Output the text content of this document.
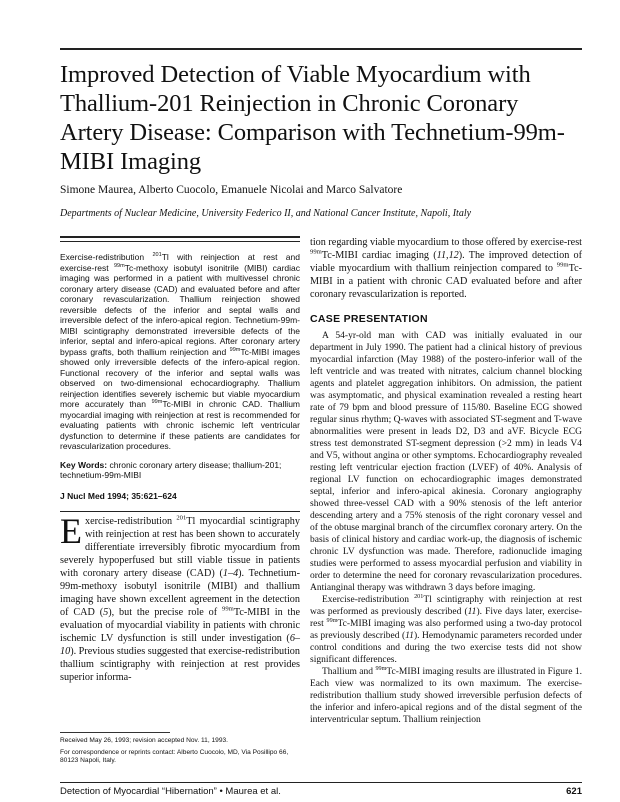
Improved Detection of Viable Myocardium with Thallium-201 Reinjection in Chronic Coronary Artery Disease: Comparison with Technetium-99m-MIBI Imaging
Simone Maurea, Alberto Cuocolo, Emanuele Nicolai and Marco Salvatore
Departments of Nuclear Medicine, University Federico II, and National Cancer Institute, Napoli, Italy

Exercise-redistribution $^{201}$Tl with reinjection at rest and exercise-rest $^{99m}$Tc-methoxy isobutyl isonitrile (MIBI) cardiac imaging was performed in a patient with multivessel chronic coronary artery disease (CAD) and evaluated before and after coronary revascularization. Thallium reinjection showed reversible defects of the inferior and septal walls and irreversible defect of the infero-apical region. Technetium-99m-MIBI scintigraphy demonstrated irreversible defects of the inferior, septal and infero-apical regions. After coronary artery bypass grafts, both thallium reinjection and $^{99m}$Tc-MIBI images showed only irreversible defects of the infero-apical region. Functional recovery of the inferior and septal walls was observed on two-dimensional echocardiography. Thallium reinjection identifies severely ischemic but viable myocardium more accurately than $^{99m}$Tc-MIBI in chronic CAD. Thallium myocardial imaging with reinjection at rest is recommended for evaluating patients with chronic ischemic left ventricular dysfunction to determine if these patients are candidates for revascularization procedures.

Key Words: chronic coronary artery disease; thallium-201; technetium-99m-MIBI

J Nucl Med 1994; 35:621–624
Exercise-redistribution $^{201}$Tl myocardial scintigraphy with reinjection at rest has been shown to accurately differentiate irreversibly fibrotic myocardium from severely hypoperfused but still viable tissue in patients with coronary artery disease (CAD) (1–4). Technetium-99m-methoxy isobutyl isonitrile (MIBI) and thallium imaging have shown excellent agreement in the detection of CAD (5), but the precise role of $^{99m}$Tc-MIBI in the evaluation of myocardial viability in patients with chronic ischemic LV dysfunction is still under investigation (6–10). Previous studies suggested that exercise-redistribution thallium scintigraphy with reinjection at rest provides superior informa-

Received May 26, 1993; revision accepted Nov. 11, 1993.

For correspondence or reprints contact: Alberto Cuocolo, MD, Via Posillipo 66, 80123 Napoli, Italy.

tion regarding viable myocardium to those offered by exercise-rest $^{99m}$Tc-MIBI cardiac imaging (11,12). The improved detection of viable myocardium with thallium reinjection compared to $^{99m}$Tc-MIBI in a patient with chronic CAD evaluated before and after coronary revascularization is reported.

CASE PRESENTATION

A 54-yr-old man with CAD was initially evaluated in our department in July 1990. The patient had a clinical history of previous myocardial infarction (May 1988) of the postero-inferior wall of the left ventricle and was treated with nitrates, calcium channel blocking agents and platelet aggregation inhibitors. On admission, the patient was asymptomatic, and physical examination revealed a resting heart rate of 79 bpm and blood pressure of 115/80. Baseline ECG showed regular sinus rhythm; Q-waves with associated ST-segment and T-wave abnormalities were present in leads D2, D3 and aVF. Bicycle ECG stress test demonstrated ST-segment depression (>2 mm) in leads V4 and V5, without angina or other symptoms. Echocardiography revealed resting left ventricular ejection fraction (LVEF) of 40%. Analysis of regional LV function on echocardiographic images demonstrated septal, inferior and infero-apical akinesia. Coronary angiography showed three-vessel CAD with a 90% stenosis of the left anterior descending artery and a 75% stenosis of the right coronary vessel and of the obtuse marginal branch of the circumflex coronary artery. On the basis of clinical history and cardiac work-up, the diagnosis of ischemic chronic LV dysfunction was made. Therefore, radionuclide imaging studies were performed to assess myocardial perfusion and viability in order to determine the need for coronary revascularization procedures. Antianginal therapy was withdrawn 3 days before imaging.

Exercise-redistribution $^{201}$Tl scintigraphy with reinjection at rest was performed as previously described (11). Five days later, exercise-rest $^{99m}$Tc-MIBI imaging was also performed using a two-day protocol as previously described (11). Hemodynamic parameters recorded under control conditions and during the two exercise tests did not show significant differences.

Thallium and $^{99m}$Tc-MIBI imaging results are illustrated in Figure 1. Each view was normalized to its own maximum. The exercise-redistribution thallium study showed irreversible perfusion defects of the inferior and infero-apical regions and of the distal segment of the interventricular septum. Thallium reinjection

Detection of Myocardial “Hibernation” • Maurea et al.	621
